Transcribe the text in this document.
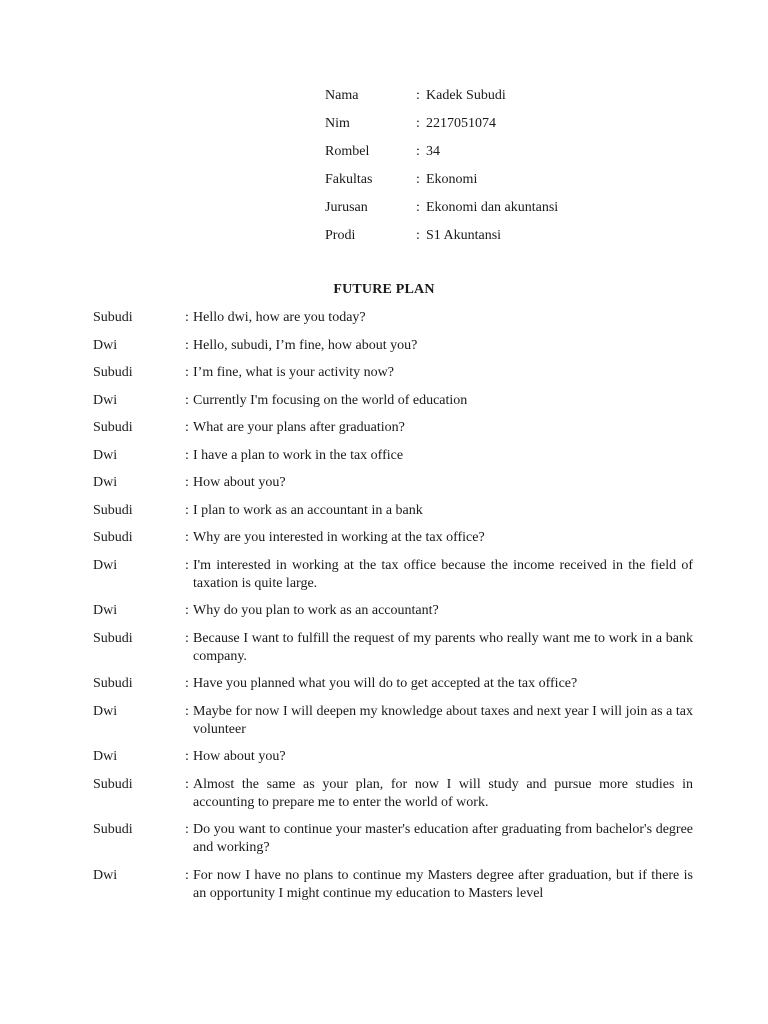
Nama	: Kadek Subudi
Nim	: 2217051074
Rombel	: 34
Fakultas	: Ekonomi
Jurusan	: Ekonomi dan akuntansi
Prodi	: S1 Akuntansi
FUTURE PLAN
Subudi	: Hello dwi, how are you today?
Dwi	: Hello, subudi, I’m fine, how about you?
Subudi	: I’m fine, what is your activity now?
Dwi	: Currently I'm focusing on the world of education
Subudi	: What are your plans after graduation?
Dwi	: I have a plan to work in the tax office
Dwi	: How about you?
Subudi	: I plan to work as an accountant in a bank
Subudi	: Why are you interested in working at the tax office?
Dwi	: I'm interested in working at the tax office because the income received in the field of taxation is quite large.
Dwi	: Why do you plan to work as an accountant?
Subudi	: Because I want to fulfill the request of my parents who really want me to work in a bank company.
Subudi	: Have you planned what you will do to get accepted at the tax office?
Dwi	: Maybe for now I will deepen my knowledge about taxes and next year I will join as a tax volunteer
Dwi	: How about you?
Subudi	: Almost the same as your plan, for now I will study and pursue more studies in accounting to prepare me to enter the world of work.
Subudi	: Do you want to continue your master's education after graduating from bachelor's degree and working?
Dwi	: For now I have no plans to continue my Masters degree after graduation, but if there is an opportunity I might continue my education to Masters level
